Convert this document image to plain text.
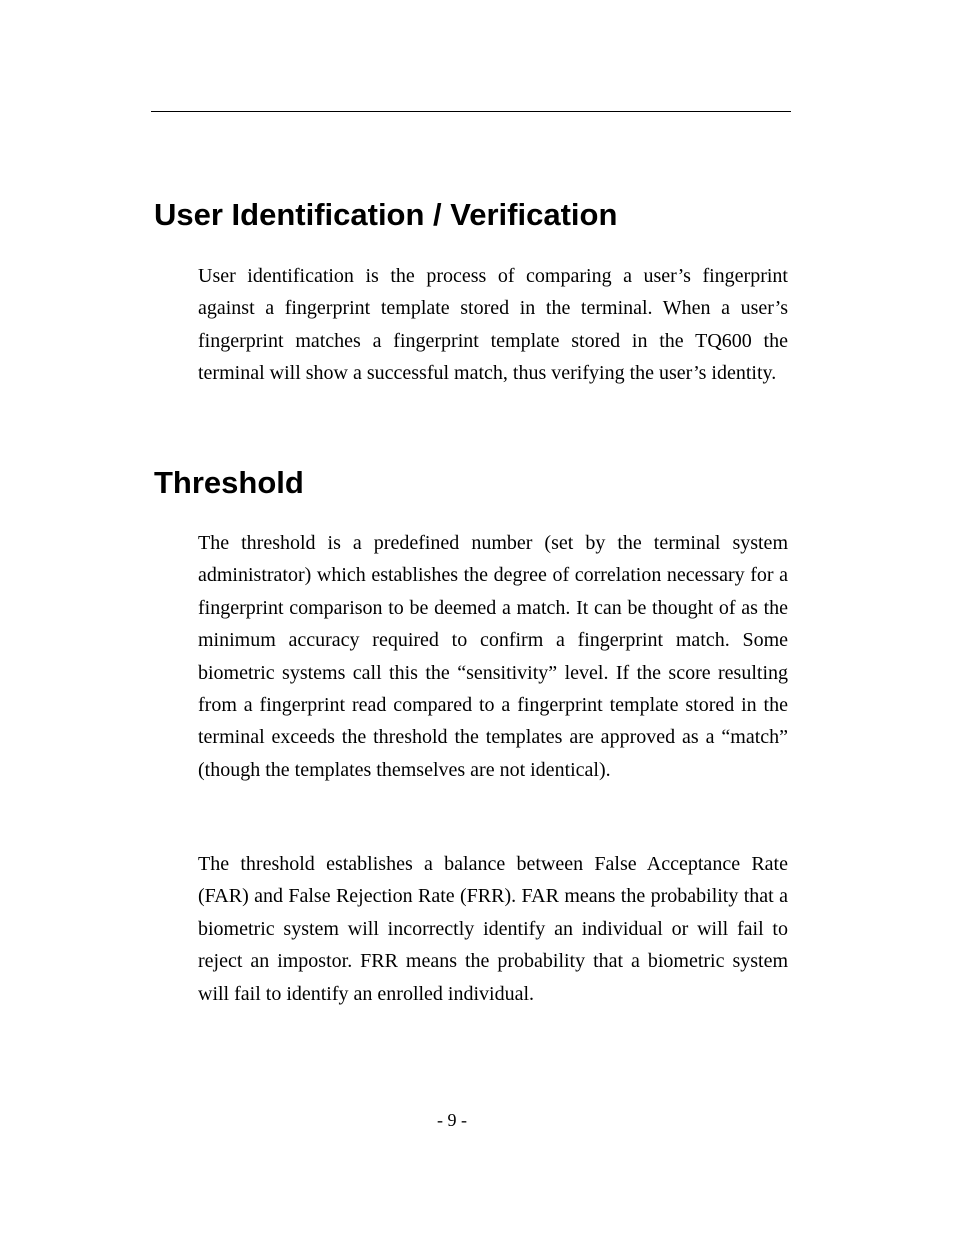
User Identification / Verification

User identification is the process of comparing a user’s fingerprint against a fingerprint template stored in the terminal. When a user’s fingerprint matches a fingerprint template stored in the TQ600 the terminal will show a successful match, thus verifying the user’s identity.

Threshold

The threshold is a predefined number (set by the terminal system administrator) which establishes the degree of correlation necessary for a fingerprint comparison to be deemed a match. It can be thought of as the minimum accuracy required to confirm a fingerprint match. Some biometric systems call this the “sensitivity” level. If the score resulting from a fingerprint read compared to a fingerprint template stored in the terminal exceeds the threshold the templates are approved as a “match” (though the templates themselves are not identical).

The threshold establishes a balance between False Acceptance Rate (FAR) and False Rejection Rate (FRR). FAR means the probability that a biometric system will incorrectly identify an individual or will fail to reject an impostor. FRR means the probability that a biometric system will fail to identify an enrolled individual.

- 9 -
